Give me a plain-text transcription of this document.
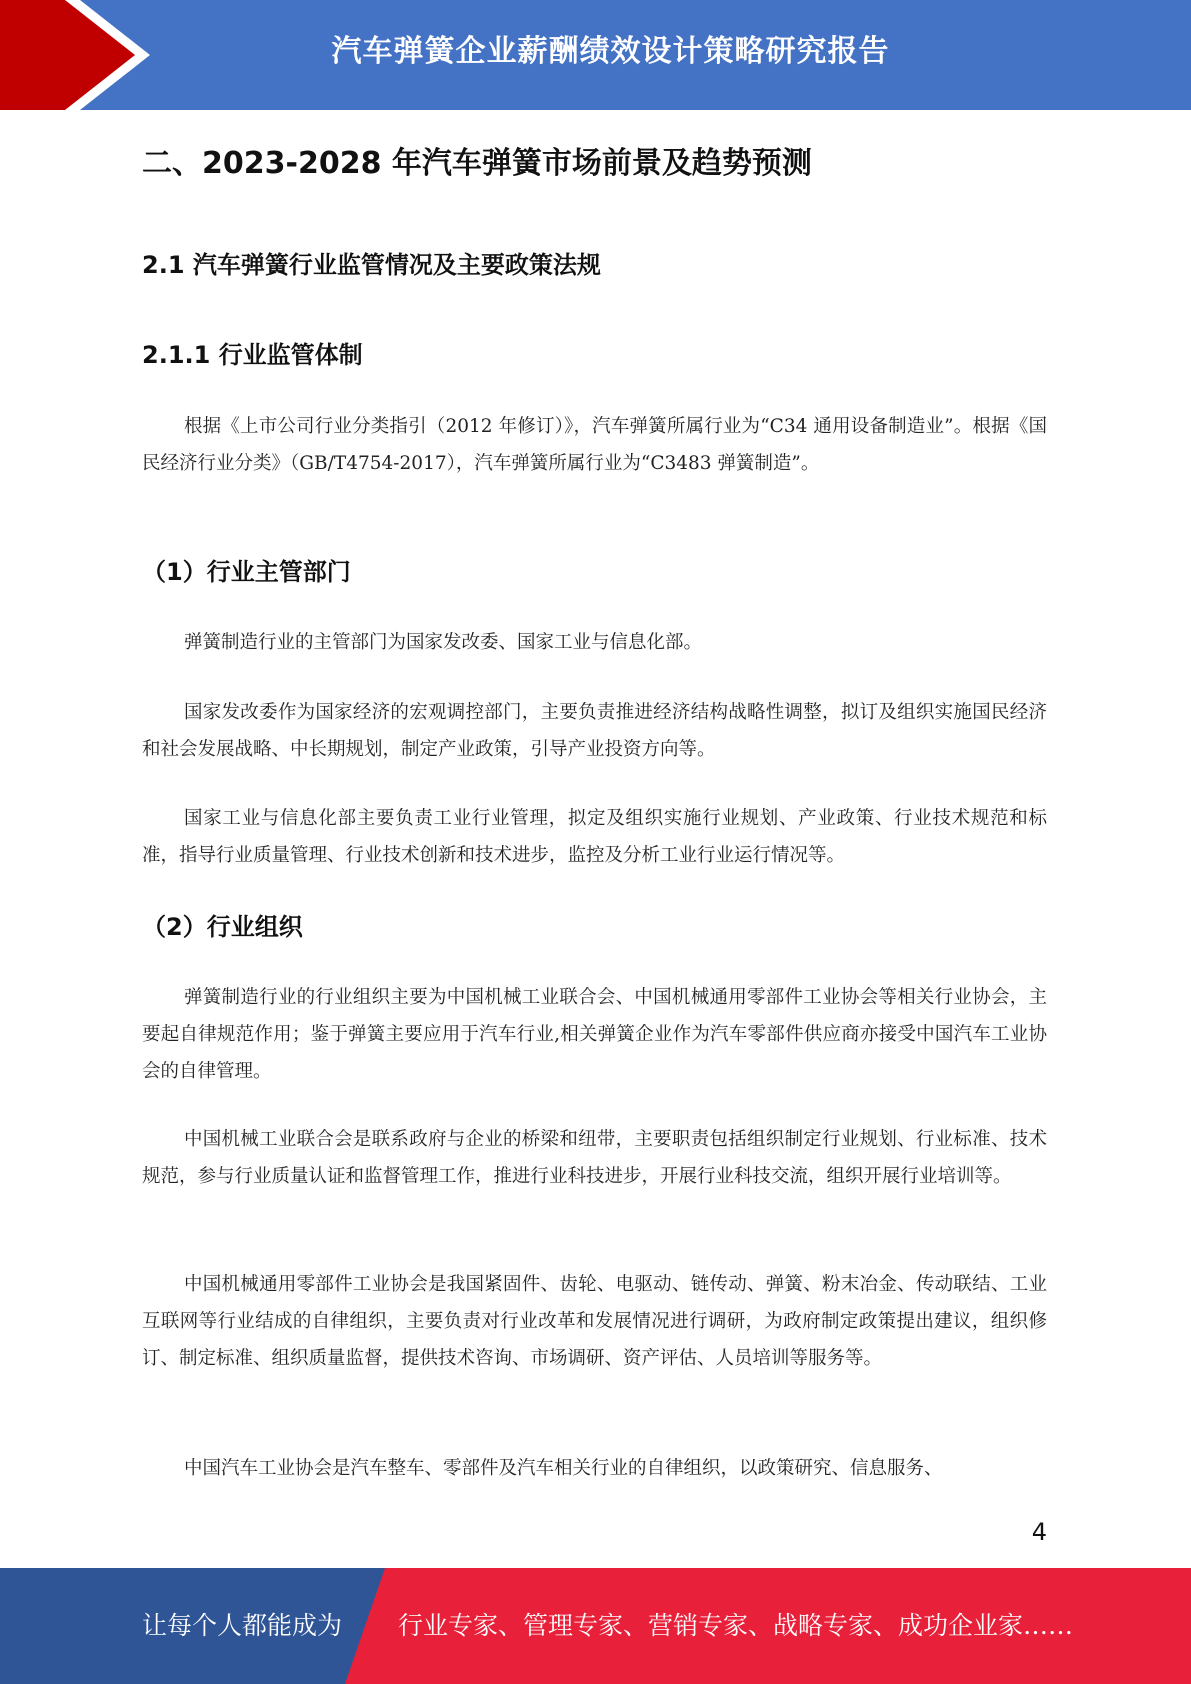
汽车弹簧企业薪酬绩效设计策略研究报告
二、2023-2028 年汽车弹簧市场前景及趋势预测
2.1 汽车弹簧行业监管情况及主要政策法规
2.1.1 行业监管体制

根据《上市公司行业分类指引（2012 年修订）》，汽车弹簧所属行业为“C34 通用设备制造业”。根据《国民经济行业分类》（GB/T4754-2017），汽车弹簧所属行业为“C3483 弹簧制造”。

（1）行业主管部门

弹簧制造行业的主管部门为国家发改委、国家工业与信息化部。

国家发改委作为国家经济的宏观调控部门，主要负责推进经济结构战略性调整，拟订及组织实施国民经济和社会发展战略、中长期规划，制定产业政策，引导产业投资方向等。

国家工业与信息化部主要负责工业行业管理，拟定及组织实施行业规划、产业政策、行业技术规范和标准，指导行业质量管理、行业技术创新和技术进步，监控及分析工业行业运行情况等。

（2）行业组织

弹簧制造行业的行业组织主要为中国机械工业联合会、中国机械通用零部件工业协会等相关行业协会，主要起自律规范作用；鉴于弹簧主要应用于汽车行业,相关弹簧企业作为汽车零部件供应商亦接受中国汽车工业协会的自律管理。

中国机械工业联合会是联系政府与企业的桥梁和纽带，主要职责包括组织制定行业规划、行业标准、技术规范，参与行业质量认证和监督管理工作，推进行业科技进步，开展行业科技交流，组织开展行业培训等。

中国机械通用零部件工业协会是我国紧固件、齿轮、电驱动、链传动、弹簧、粉末冶金、传动联结、工业互联网等行业结成的自律组织，主要负责对行业改革和发展情况进行调研，为政府制定政策提出建议，组织修订、制定标准、组织质量监督，提供技术咨询、市场调研、资产评估、人员培训等服务等。

中国汽车工业协会是汽车整车、零部件及汽车相关行业的自律组织，以政策研究、信息服务、

4
让每个人都能成为 行业专家、管理专家、营销专家、战略专家、成功企业家……
